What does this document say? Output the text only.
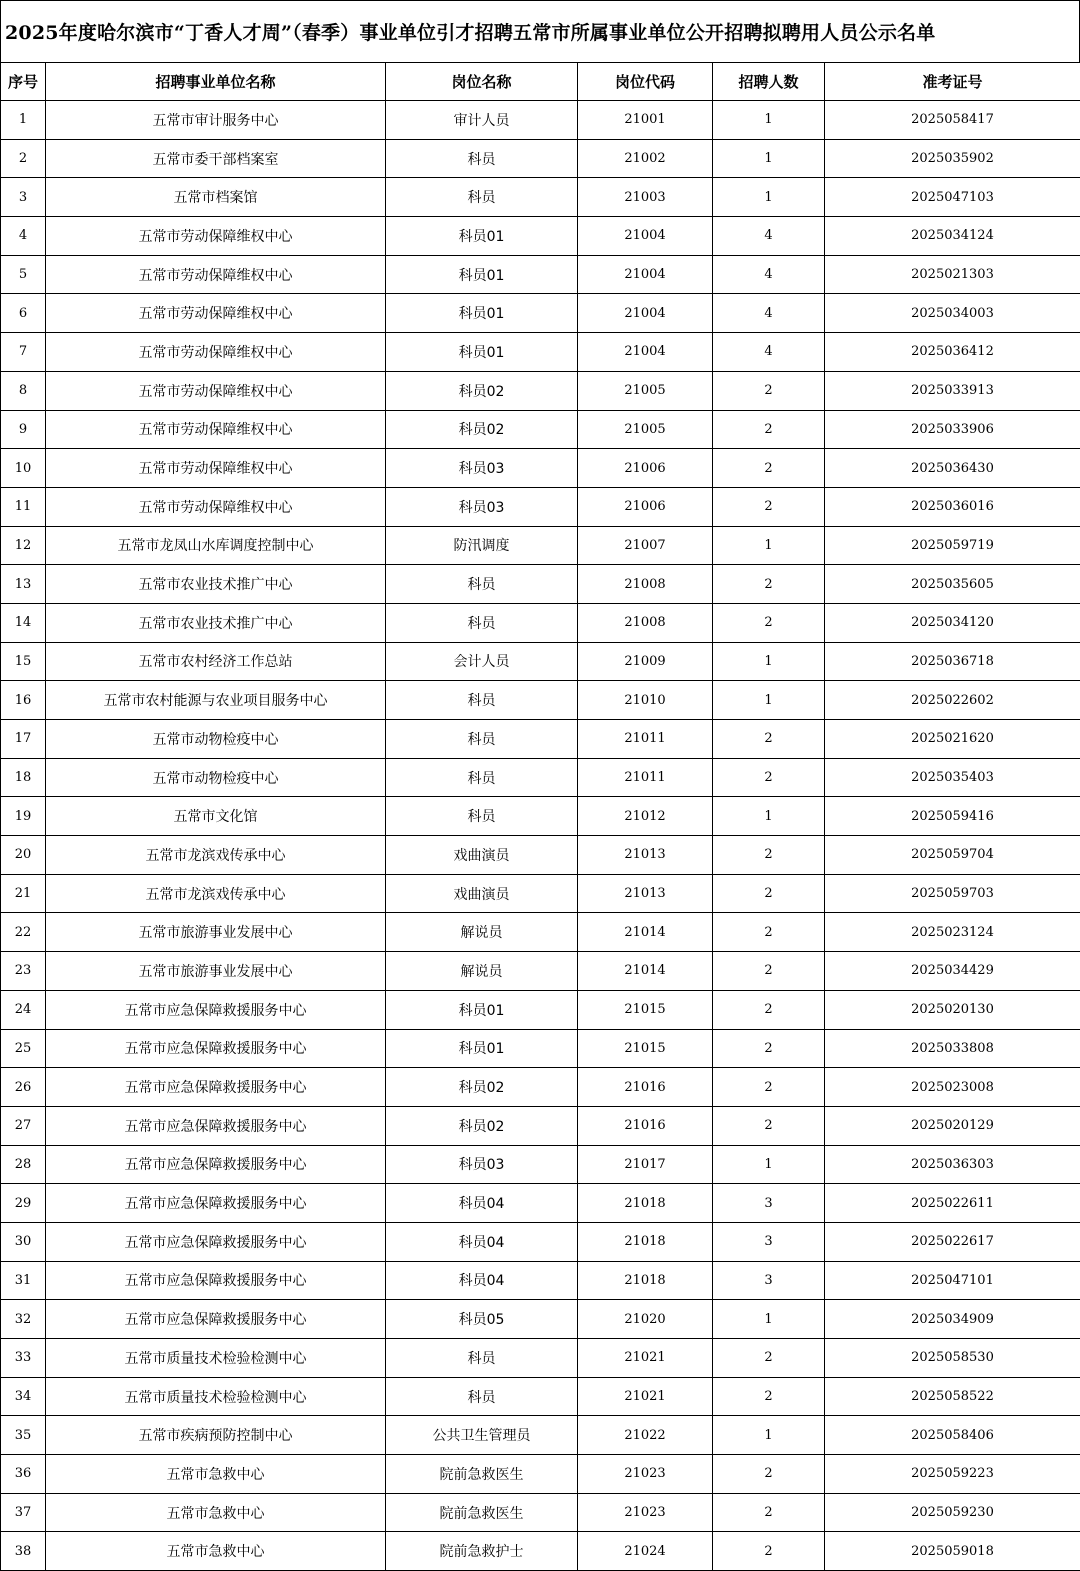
2025年度哈尔滨市“丁香人才周”（春季）事业单位引才招聘五常市所属事业单位公开招聘拟聘用人员公示名单
序号	招聘事业单位名称	岗位名称	岗位代码	招聘人数	准考证号
1	五常市审计服务中心	审计人员	21001	1	2025058417
2	五常市委干部档案室	科员	21002	1	2025035902
3	五常市档案馆	科员	21003	1	2025047103
4	五常市劳动保障维权中心	科员01	21004	4	2025034124
5	五常市劳动保障维权中心	科员01	21004	4	2025021303
6	五常市劳动保障维权中心	科员01	21004	4	2025034003
7	五常市劳动保障维权中心	科员01	21004	4	2025036412
8	五常市劳动保障维权中心	科员02	21005	2	2025033913
9	五常市劳动保障维权中心	科员02	21005	2	2025033906
10	五常市劳动保障维权中心	科员03	21006	2	2025036430
11	五常市劳动保障维权中心	科员03	21006	2	2025036016
12	五常市龙凤山水库调度控制中心	防汛调度	21007	1	2025059719
13	五常市农业技术推广中心	科员	21008	2	2025035605
14	五常市农业技术推广中心	科员	21008	2	2025034120
15	五常市农村经济工作总站	会计人员	21009	1	2025036718
16	五常市农村能源与农业项目服务中心	科员	21010	1	2025022602
17	五常市动物检疫中心	科员	21011	2	2025021620
18	五常市动物检疫中心	科员	21011	2	2025035403
19	五常市文化馆	科员	21012	1	2025059416
20	五常市龙滨戏传承中心	戏曲演员	21013	2	2025059704
21	五常市龙滨戏传承中心	戏曲演员	21013	2	2025059703
22	五常市旅游事业发展中心	解说员	21014	2	2025023124
23	五常市旅游事业发展中心	解说员	21014	2	2025034429
24	五常市应急保障救援服务中心	科员01	21015	2	2025020130
25	五常市应急保障救援服务中心	科员01	21015	2	2025033808
26	五常市应急保障救援服务中心	科员02	21016	2	2025023008
27	五常市应急保障救援服务中心	科员02	21016	2	2025020129
28	五常市应急保障救援服务中心	科员03	21017	1	2025036303
29	五常市应急保障救援服务中心	科员04	21018	3	2025022611
30	五常市应急保障救援服务中心	科员04	21018	3	2025022617
31	五常市应急保障救援服务中心	科员04	21018	3	2025047101
32	五常市应急保障救援服务中心	科员05	21020	1	2025034909
33	五常市质量技术检验检测中心	科员	21021	2	2025058530
34	五常市质量技术检验检测中心	科员	21021	2	2025058522
35	五常市疾病预防控制中心	公共卫生管理员	21022	1	2025058406
36	五常市急救中心	院前急救医生	21023	2	2025059223
37	五常市急救中心	院前急救医生	21023	2	2025059230
38	五常市急救中心	院前急救护士	21024	2	2025059018
